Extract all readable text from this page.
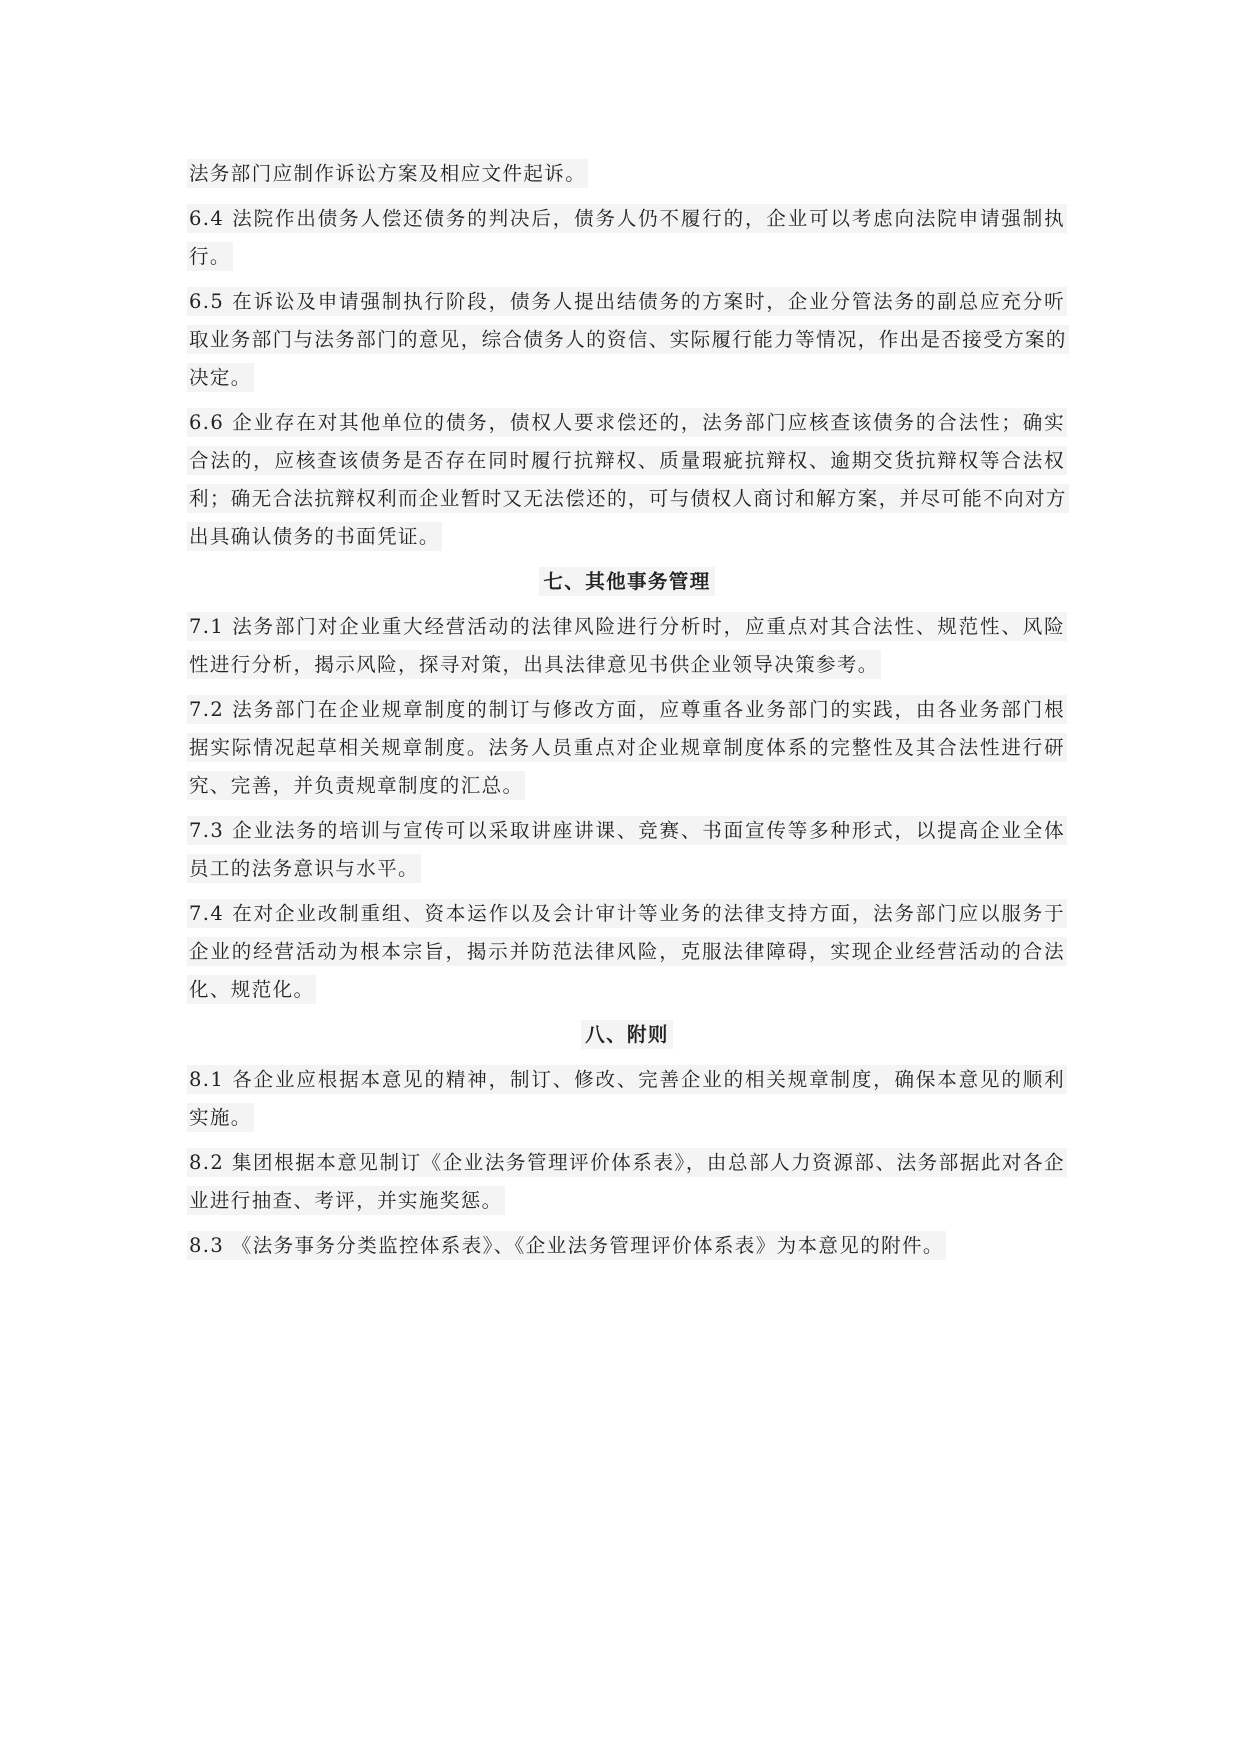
法务部门应制作诉讼方案及相应文件起诉。

6.4 法院作出债务人偿还债务的判决后，债务人仍不履行的，企业可以考虑向法院申请强制执行。

6.5 在诉讼及申请强制执行阶段，债务人提出结债务的方案时，企业分管法务的副总应充分听取业务部门与法务部门的意见，综合债务人的资信、实际履行能力等情况，作出是否接受方案的决定。

6.6 企业存在对其他单位的债务，债权人要求偿还的，法务部门应核查该债务的合法性；确实合法的，应核查该债务是否存在同时履行抗辩权、质量瑕疵抗辩权、逾期交货抗辩权等合法权利；确无合法抗辩权利而企业暂时又无法偿还的，可与债权人商讨和解方案，并尽可能不向对方出具确认债务的书面凭证。

七、其他事务管理

7.1 法务部门对企业重大经营活动的法律风险进行分析时，应重点对其合法性、规范性、风险性进行分析，揭示风险，探寻对策，出具法律意见书供企业领导决策参考。

7.2 法务部门在企业规章制度的制订与修改方面，应尊重各业务部门的实践，由各业务部门根据实际情况起草相关规章制度。法务人员重点对企业规章制度体系的完整性及其合法性进行研究、完善，并负责规章制度的汇总。

7.3 企业法务的培训与宣传可以采取讲座讲课、竞赛、书面宣传等多种形式，以提高企业全体员工的法务意识与水平。

7.4 在对企业改制重组、资本运作以及会计审计等业务的法律支持方面，法务部门应以服务于企业的经营活动为根本宗旨，揭示并防范法律风险，克服法律障碍，实现企业经营活动的合法化、规范化。

八、附则

8.1 各企业应根据本意见的精神，制订、修改、完善企业的相关规章制度，确保本意见的顺利实施。

8.2 集团根据本意见制订《企业法务管理评价体系表》，由总部人力资源部、法务部据此对各企业进行抽查、考评，并实施奖惩。

8.3 《法务事务分类监控体系表》、《企业法务管理评价体系表》为本意见的附件。
